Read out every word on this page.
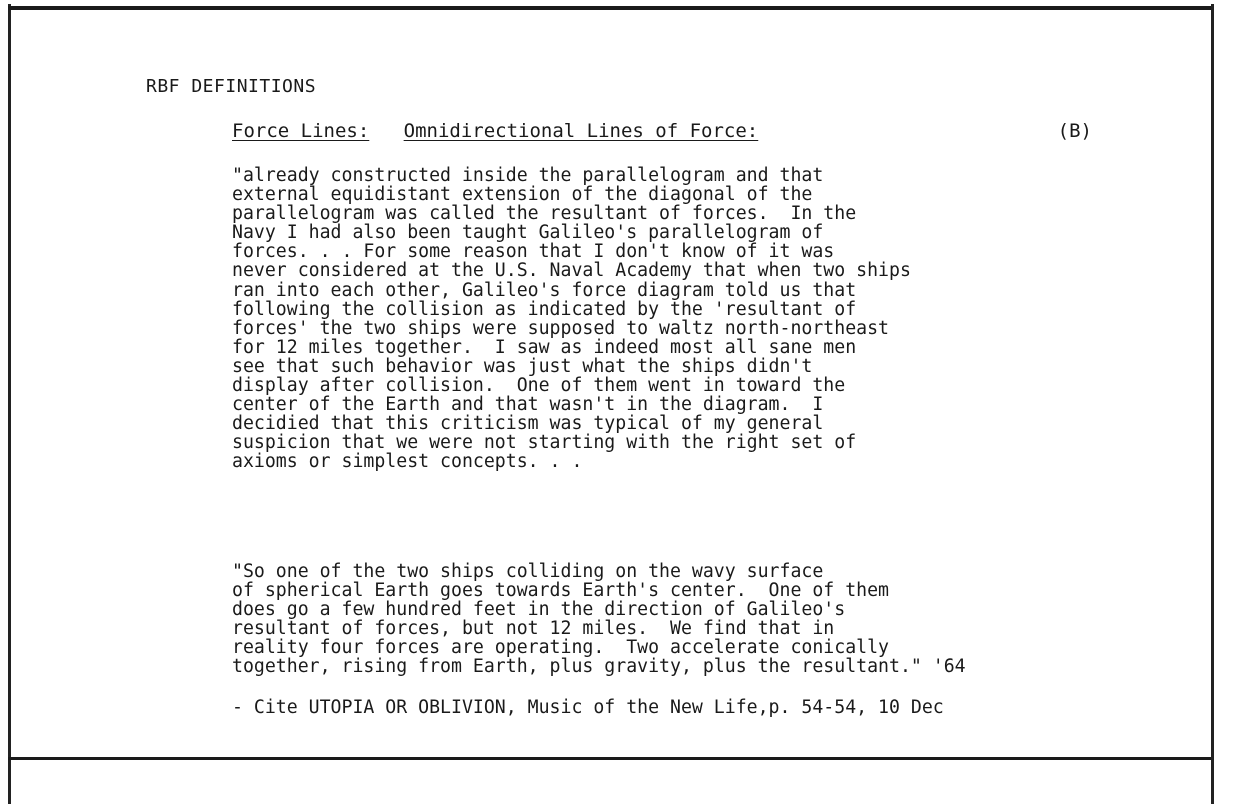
RBF DEFINITIONS
Force Lines: Omnidirectional Lines of Force:	(B)
"already constructed inside the parallelogram and that
external equidistant extension of the diagonal of the
parallelogram was called the resultant of forces.  In the
Navy I had also been taught Galileo's parallelogram of
forces. . . For some reason that I don't know of it was
never considered at the U.S. Naval Academy that when two ships
ran into each other, Galileo's force diagram told us that
following the collision as indicated by the 'resultant of
forces' the two ships were supposed to waltz north-northeast
for 12 miles together.  I saw as indeed most all sane men
see that such behavior was just what the ships didn't
display after collision.  One of them went in toward the
center of the Earth and that wasn't in the diagram.  I
decidied that this criticism was typical of my general
suspicion that we were not starting with the right set of
axioms or simplest concepts. . .
"So one of the two ships colliding on the wavy surface
of spherical Earth goes towards Earth's center.  One of them
does go a few hundred feet in the direction of Galileo's
resultant of forces, but not 12 miles.  We find that in
reality four forces are operating.  Two accelerate conically
together, rising from Earth, plus gravity, plus the resultant." '64
- Cite UTOPIA OR OBLIVION, Music of the New Life,p. 54-54, 10 Dec
